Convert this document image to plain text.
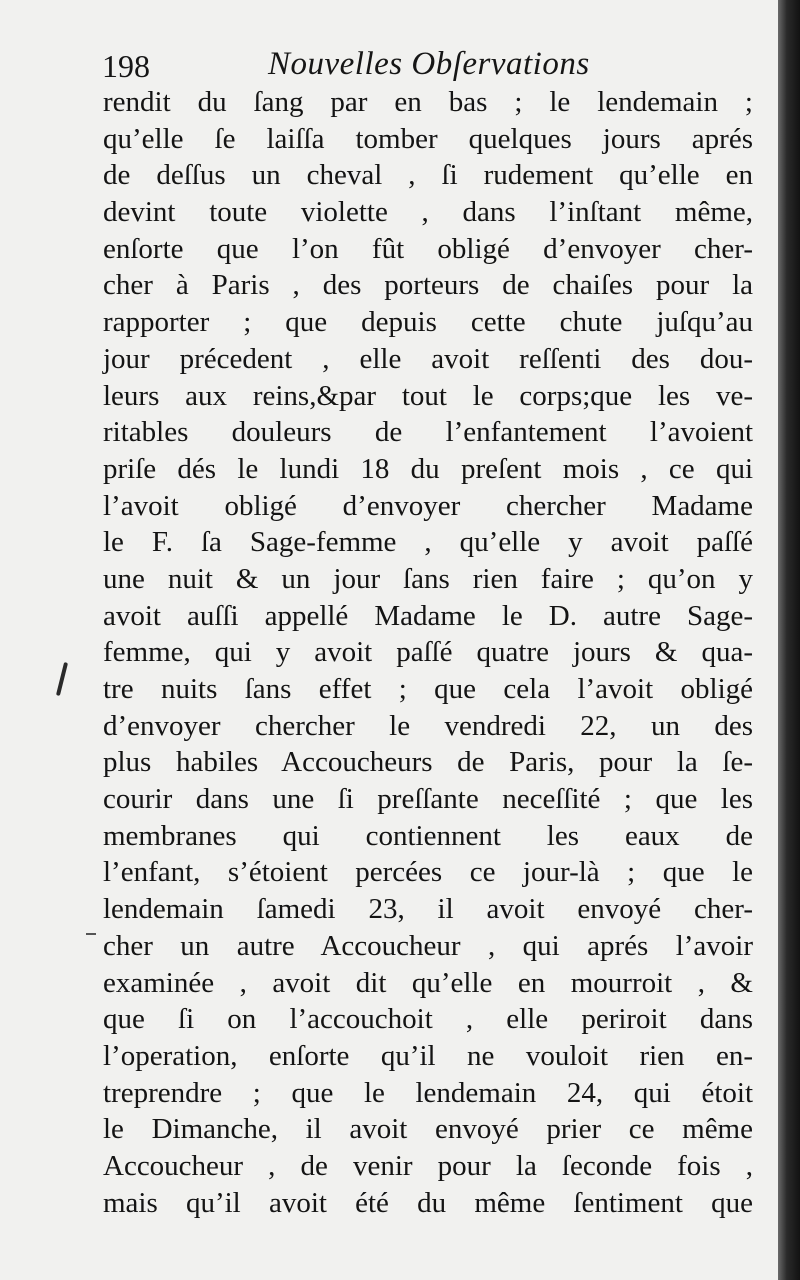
198	Nouvelles Obſervations
rendit du ſang par en bas ; le lendemain ;
qu’elle ſe laiſſa tomber quelques jours aprés
de deſſus un cheval , ſi rudement qu’elle en
devint toute violette , dans l’inſtant même,
enſorte que l’on fût obligé d’envoyer cher-
cher à Paris , des porteurs de chaiſes pour la
rapporter ; que depuis cette chute juſqu’au
jour précedent , elle avoit reſſenti des dou-
leurs aux reins,&par tout le corps;que les ve-
ritables douleurs de l’enfantement l’avoient
priſe dés le lundi 18 du preſent mois , ce qui
l’avoit obligé d’envoyer chercher Madame
le F. ſa Sage-femme , qu’elle y avoit paſſé
une nuit & un jour ſans rien faire ; qu’on y
avoit auſſi appellé Madame le D. autre Sage-
femme, qui y avoit paſſé quatre jours & qua-
tre nuits ſans effet ; que cela l’avoit obligé
d’envoyer chercher le vendredi 22, un des
plus habiles Accoucheurs de Paris, pour la ſe-
courir dans une ſi preſſante neceſſité ; que les
membranes qui contiennent les eaux de
l’enfant, s’étoient percées ce jour-là ; que le
lendemain ſamedi 23, il avoit envoyé cher-
cher un autre Accoucheur , qui aprés l’avoir
examinée , avoit dit qu’elle en mourroit , &
que ſi on l’accouchoit , elle periroit dans
l’operation, enſorte qu’il ne vouloit rien en-
treprendre ; que le lendemain 24, qui étoit
le Dimanche, il avoit envoyé prier ce même
Accoucheur , de venir pour la ſeconde fois ,
mais qu’il avoit été du même ſentiment que
